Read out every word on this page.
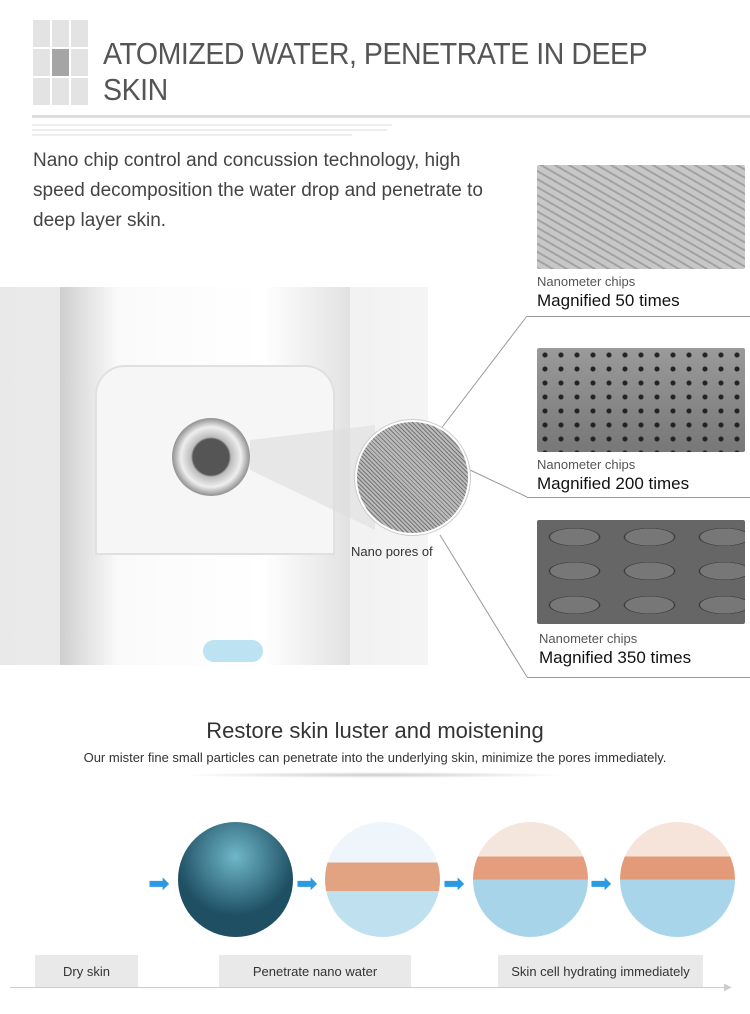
ATOMIZED WATER, PENETRATE IN DEEP SKIN

Nano chip control and concussion technology, high speed decomposition the water drop and penetrate to deep layer skin.

Nano pores of
Nanometer chips
Magnified 50 times
Nanometer chips
Magnified 200 times
Nanometer chips
Magnified 350 times
Restore skin luster and moistening

Our mister fine small particles can penetrate into the underlying skin, minimize the pores immediately.

➡	➡	➡	➡
Dry skin	Penetrate nano water	Skin cell hydrating immediately
▶
